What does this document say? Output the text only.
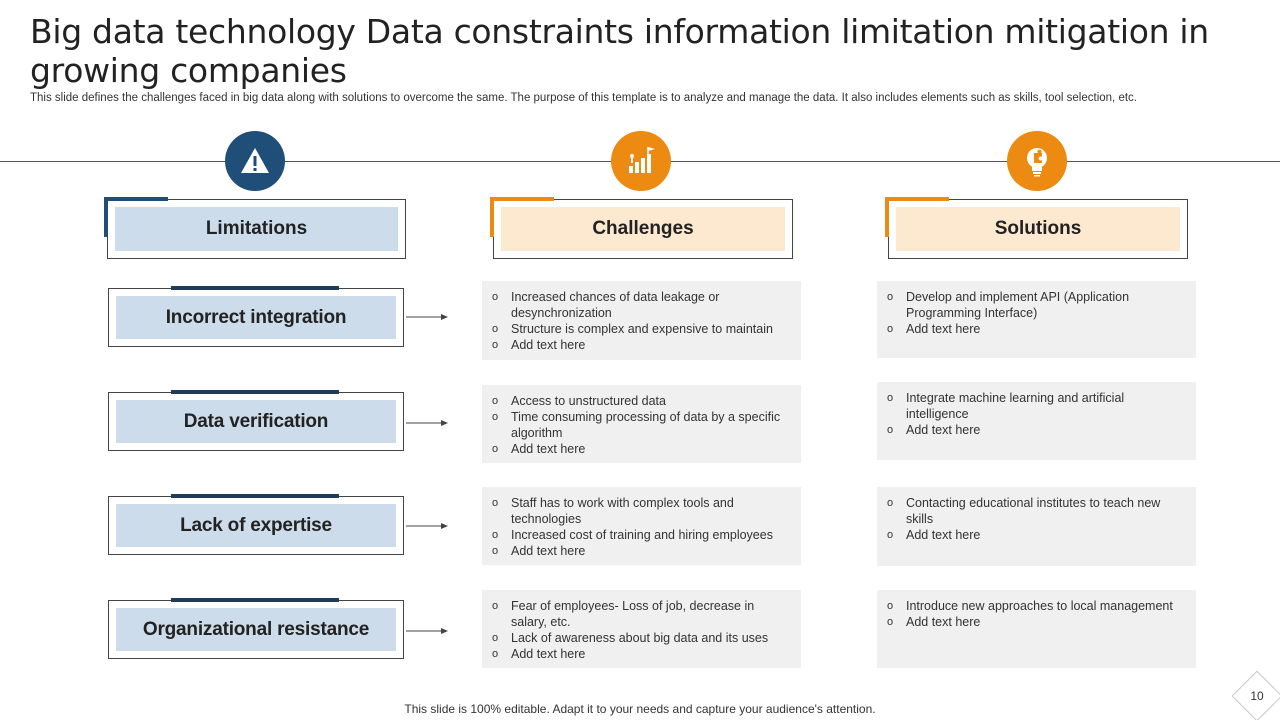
Big data technology Data constraints information limitation mitigation in growing companies
This slide defines the challenges faced in big data along with solutions to overcome the same. The purpose of this template is to analyze and manage the data. It also includes elements such as skills, tool selection, etc.
Limitations	Challenges	Solutions
Incorrect integration
o Increased chances of data leakage or desynchronization
o Structure is complex and expensive to maintain
o Add text here
o Develop and implement API (Application Programming Interface)
o Add text here
Data verification
o Access to unstructured data
o Time consuming processing of data by a specific algorithm
o Add text here
o Integrate machine learning and artificial intelligence
o Add text here
Lack of expertise
o Staff has to work with complex tools and technologies
o Increased cost of training and hiring employees
o Add text here
o Contacting educational institutes to teach new skills
o Add text here
Organizational resistance
o Fear of employees- Loss of job, decrease in salary, etc.
o Lack of awareness about big data and its uses
o Add text here
o Introduce new approaches to local management
o Add text here
This slide is 100% editable. Adapt it to your needs and capture your audience's attention.
10
